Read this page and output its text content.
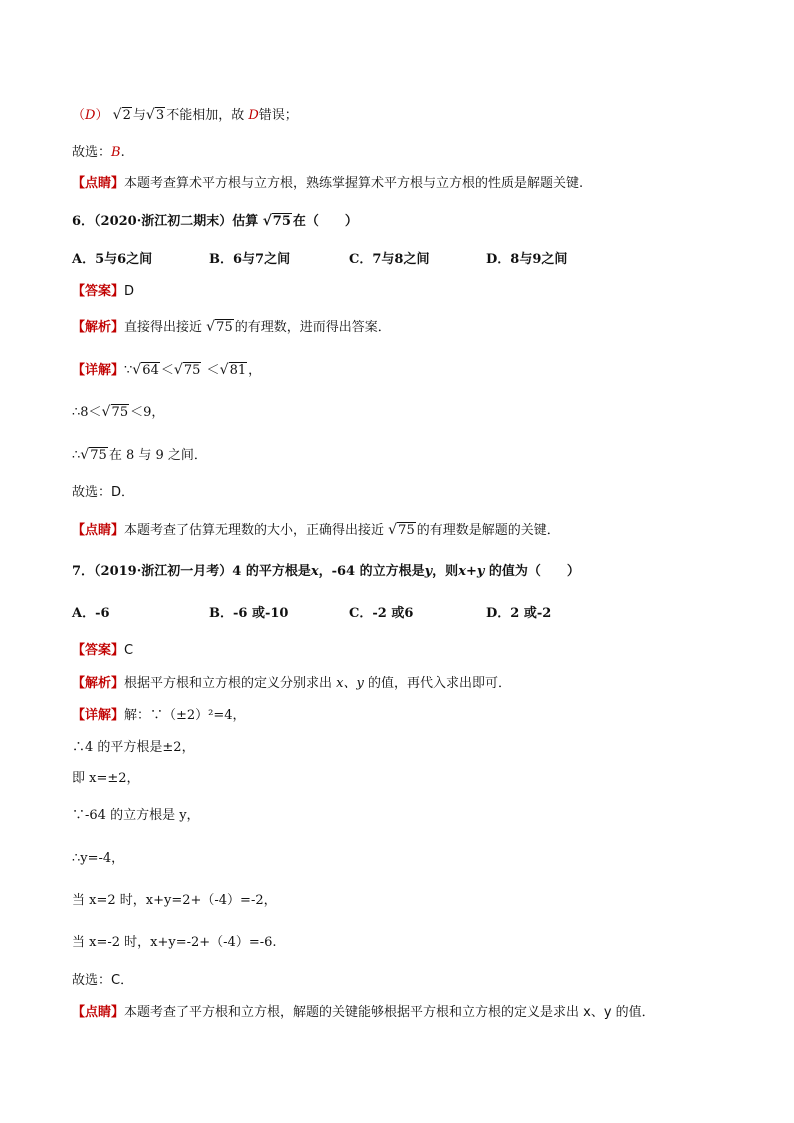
（D） √ 2 与 √ 3 不能相加，故 D错误；
故选：B.
【点睛】本题考查算术平方根与立方根，熟练掌握算术平方根与立方根的性质是解题关键.
6．（2020·浙江初二期末）估算 √ 75 在（　　）
A．5与6之间	B．6与7之间	C．7与8之间	D．8与9之间
【答案】D
【解析】直接得出接近 √ 75 的有理数，进而得出答案．
【详解】∵ √ 64 ＜ √ 75 ＜ √ 81 ，
∴8＜ √ 75 ＜9，
∴ √ 75 在 8 与 9 之间．
故选：D．
【点睛】本题考查了估算无理数的大小，正确得出接近 √ 75 的有理数是解题的关键．
7．（2019·浙江初一月考）4 的平方根是x，-64 的立方根是y，则x+y 的值为（　　）
A．-6	B．-6 或-10	C．-2 或6	D．2 或-2
【答案】C
【解析】根据平方根和立方根的定义分别求出 x、y 的值，再代入求出即可．
【详解】解：∵（±2）²=4，
∴4 的平方根是±2，
即 x=±2，
∵-64 的立方根是 y，
∴y=-4，
当 x=2 时，x+y=2+（-4）=-2，
当 x=-2 时，x+y=-2+（-4）=-6.
故选：C．
【点睛】本题考查了平方根和立方根，解题的关键能够根据平方根和立方根的定义是求出 x、y 的值．
